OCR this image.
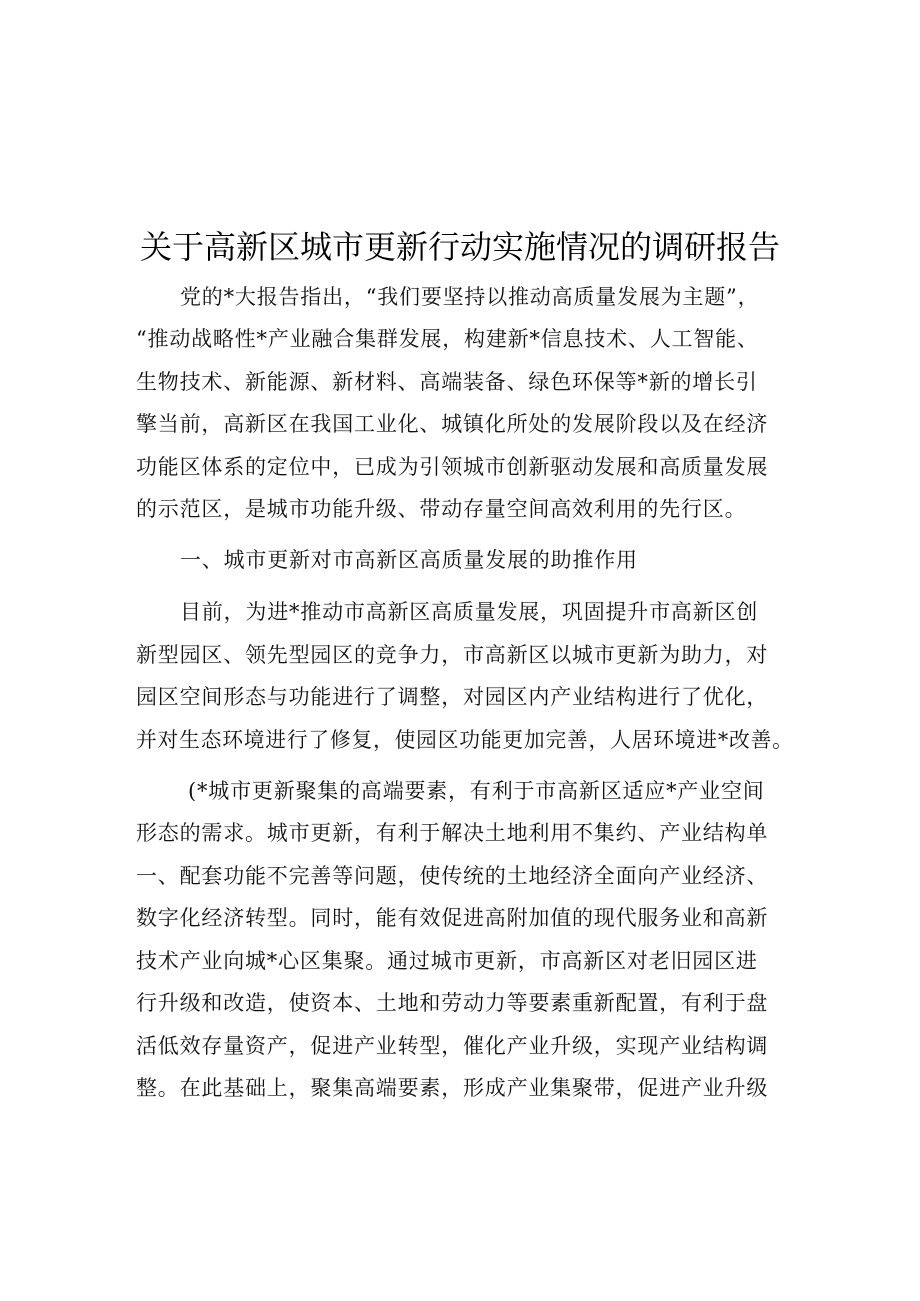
关于高新区城市更新行动实施情况的调研报告
党的*大报告指出，“我们要坚持以推动高质量发展为主题”，
“推动战略性*产业融合集群发展，构建新*信息技术、人工智能、
生物技术、新能源、新材料、高端装备、绿色环保等*新的增长引
擎当前，高新区在我国工业化、城镇化所处的发展阶段以及在经济
功能区体系的定位中，已成为引领城市创新驱动发展和高质量发展
的示范区，是城市功能升级、带动存量空间高效利用的先行区。
一、城市更新对市高新区高质量发展的助推作用
目前，为进*推动市高新区高质量发展，巩固提升市高新区创
新型园区、领先型园区的竞争力，市高新区以城市更新为助力，对
园区空间形态与功能进行了调整，对园区内产业结构进行了优化，
并对生态环境进行了修复，使园区功能更加完善，人居环境进*改善。
(*城市更新聚集的高端要素，有利于市高新区适应*产业空间
形态的需求。城市更新，有利于解决土地利用不集约、产业结构单
一、配套功能不完善等问题，使传统的土地经济全面向产业经济、
数字化经济转型。同时，能有效促进高附加值的现代服务业和高新
技术产业向城*心区集聚。通过城市更新，市高新区对老旧园区进
行升级和改造，使资本、土地和劳动力等要素重新配置，有利于盘
活低效存量资产，促进产业转型，催化产业升级，实现产业结构调
整。在此基础上，聚集高端要素，形成产业集聚带，促进产业升级
